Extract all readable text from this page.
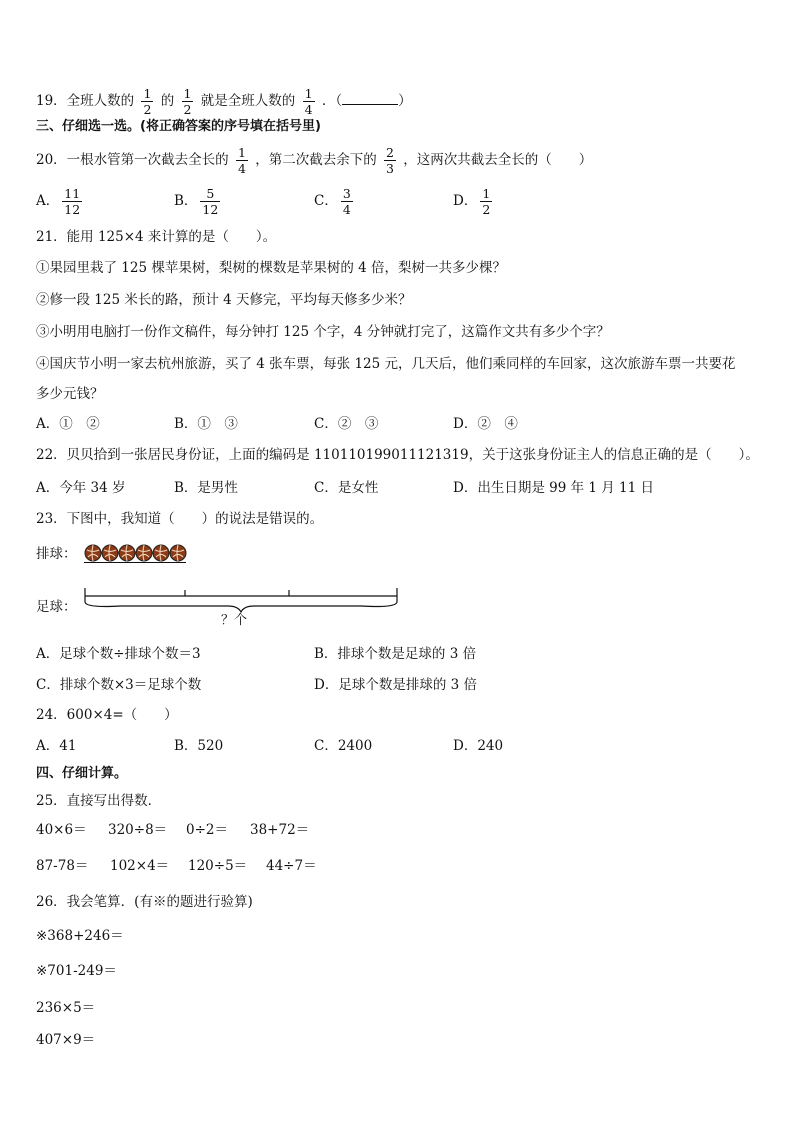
19．全班人数的 $\frac{1}{2}$ 的 $\frac{1}{2}$ 就是全班人数的 $\frac{1}{4}$ ．（	）
三、仔细选一选。(将正确答案的序号填在括号里)
20．一根水管第一次截去全长的 $\frac{1}{4}$ ，第二次截去余下的 $\frac{2}{3}$ ，这两次共截去全长的（　　）
A． $\frac{11}{12}$	B． $\frac{5}{12}$	C． $\frac{3}{4}$	D． $\frac{1}{2}$
21．能用 125×4 来计算的是（　　）。
①果园里栽了 125 棵苹果树，梨树的棵数是苹果树的 4 倍，梨树一共多少棵？
②修一段 125 米长的路，预计 4 天修完，平均每天修多少米？
③小明用电脑打一份作文稿件，每分钟打 125 个字，4 分钟就打完了，这篇作文共有多少个字？
④国庆节小明一家去杭州旅游，买了 4 张车票，每张 125 元，几天后，他们乘同样的车回家，这次旅游车票一共要花
多少元钱？
A．①　 ②	B．①　 ③	C．②　 ③	D．②　 ④
22．贝贝拾到一张居民身份证，上面的编码是 110110199011121319，关于这张身份证主人的信息正确的是（　　）。
A．今年 34 岁	B．是男性	C．是女性	D．出生日期是 99 年 1 月 11 日
23．下图中，我知道（　　）的说法是错误的。
排球：
足球：
？个
A．足球个数÷排球个数＝3	B．排球个数是足球的 3 倍
C．排球个数×3＝足球个数	D．足球个数是排球的 3 倍
24．600×4=（　　）
A．41	B．520	C．2400	D．240
四、仔细计算。
25．直接写出得数．
40×6＝ 320÷8＝ 0÷2＝ 38+72＝
87-78＝ 102×4＝ 120÷5＝ 44÷7＝
26．我会笔算．(有※的题进行验算)
※368+246＝
※701-249＝
236×5＝
407×9＝
